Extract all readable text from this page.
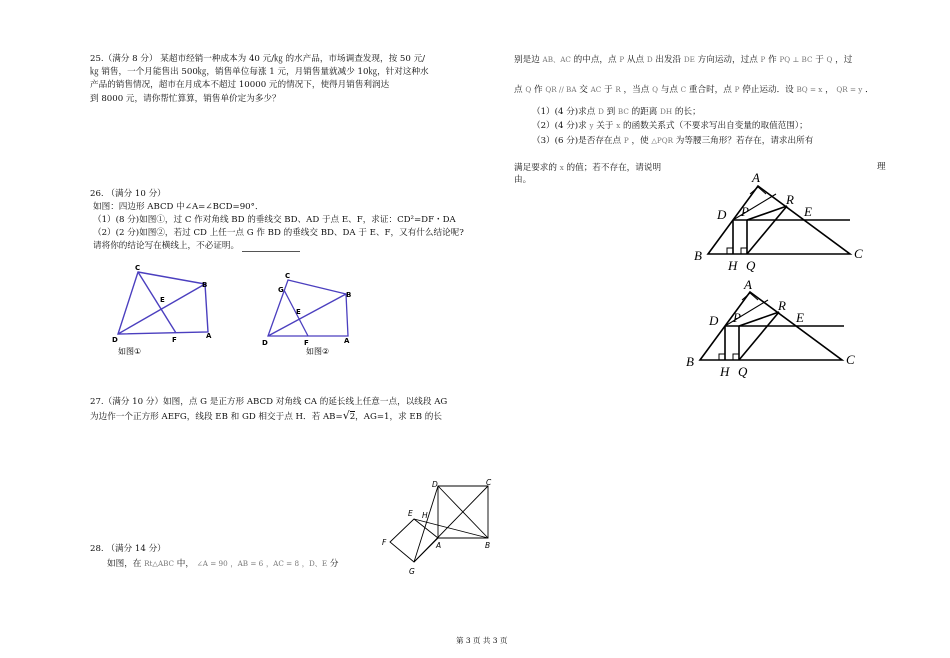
25.（满分 8 分） 某超市经销一种成本为 40 元/㎏ 的水产品，市场调查发现，按 50 元/
㎏ 销售，一个月能售出 500㎏，销售单位每涨 1 元，月销售量就减少 10㎏，针对这种水
产品的销售情况，超市在月成本不超过 10000 元的情况下，使得月销售利润达
到 8000 元，请你帮忙算算，销售单价定为多少？
26. （满分 10 分）
如图：四边形 ABCD 中∠A=∠BCD=90°．
（1）(8 分)如图①，过 C 作对角线 BD 的垂线交 BD、AD 于点 E、F，求证：CD²=DF・DA
（2）(2 分)如图②，若过 CD 上任一点 G 作 BD 的垂线交 BD、DA 于 E、F，又有什么结论呢?
请将你的结论写在横线上，不必证明。
C
B
E
D	F	A
如图①
C
G
B
E
D	F	A
如图②
27.（满分 10 分）如图，点 G 是正方形 ABCD 对角线 CA 的延长线上任意一点，以线段 AG
为边作一个正方形 AEFG，线段 EB 和 GD 相交于点 H．若 AB=√2，AG=1，求 EB 的长
D	C
E H
F	A	B
G
28. （满分 14 分）
如图，在 Rt△ABC 中， ∠A = 90 ，AB = 6 ，AC = 8 ，D、E 分
别是边 AB、AC 的中点，点 P 从点 D 出发沿 DE 方向运动，过点 P 作 PQ ⊥ BC 于 Q ，过
点 Q 作 QR // BA 交 AC 于 R ，当点 Q 与点 C 重合时，点 P 停止运动．设 BQ = x ， QR = y ．
（1）(4 分)求点 D 到 BC 的距离 DH 的长；
（2）(4 分)求 y 关于 x 的函数关系式（不要求写出自变量的取值范围）；
（3）(6 分)是否存在点 P ，使 △PQR 为等腰三角形？若存在，请求出所有
满足要求的 x 的值；若不存在，请说明	理
由。	A
D P
R
E
B
H Q
C
A
D P
R
E
B
H Q
C
第 3 页 共 3 页
